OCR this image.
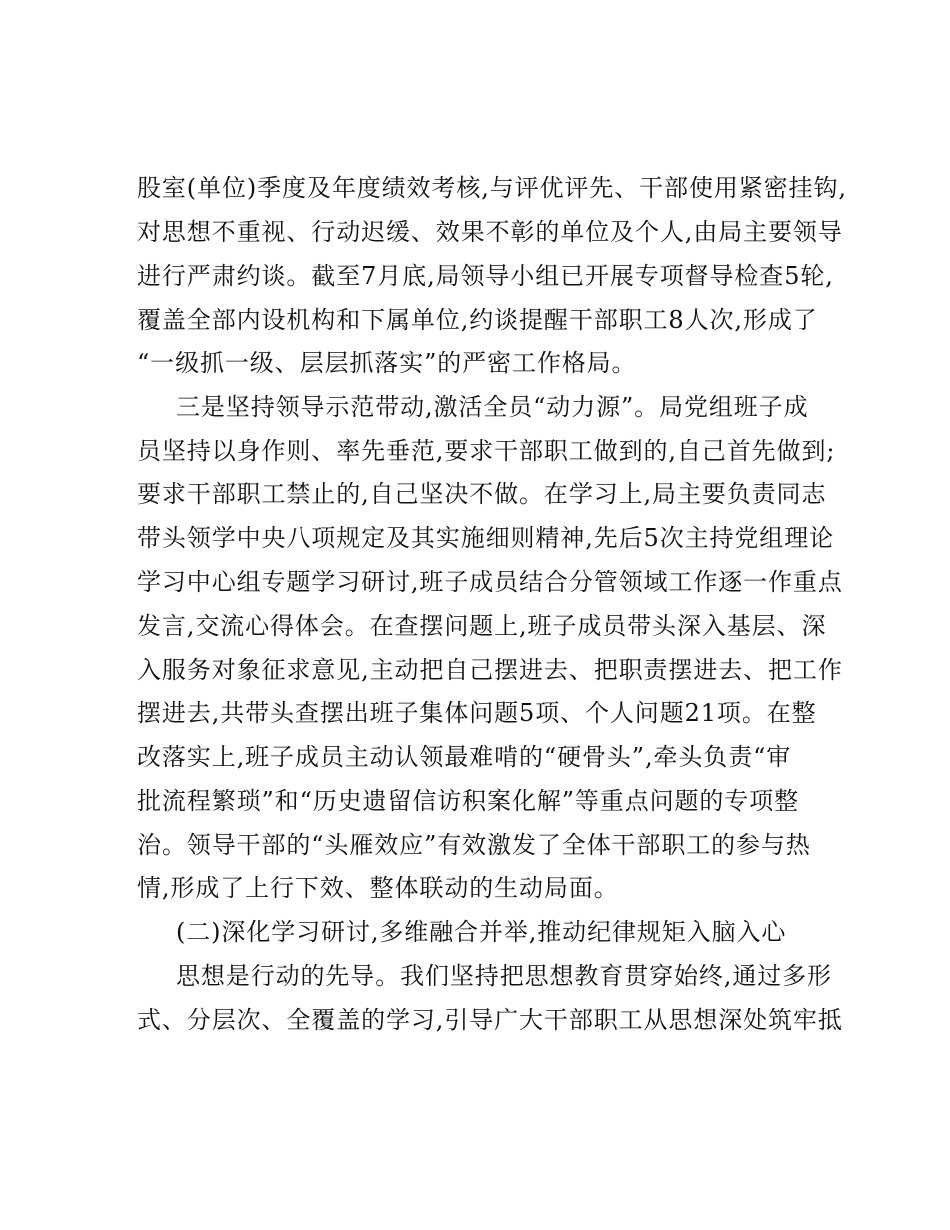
股室(单位)季度及年度绩效考核,与评优评先、干部使用紧密挂钩,
对思想不重视、行动迟缓、效果不彰的单位及个人,由局主要领导
进行严肃约谈。截至7月底,局领导小组已开展专项督导检查5轮,
覆盖全部内设机构和下属单位,约谈提醒干部职工8人次,形成了
“一级抓一级、层层抓落实”的严密工作格局。
三是坚持领导示范带动,激活全员“动力源”。局党组班子成
员坚持以身作则、率先垂范,要求干部职工做到的,自己首先做到;
要求干部职工禁止的,自己坚决不做。在学习上,局主要负责同志
带头领学中央八项规定及其实施细则精神,先后5次主持党组理论
学习中心组专题学习研讨,班子成员结合分管领域工作逐一作重点
发言,交流心得体会。在查摆问题上,班子成员带头深入基层、深
入服务对象征求意见,主动把自己摆进去、把职责摆进去、把工作
摆进去,共带头查摆出班子集体问题5项、个人问题21项。在整
改落实上,班子成员主动认领最难啃的“硬骨头”,牵头负责“审
批流程繁琐”和“历史遗留信访积案化解”等重点问题的专项整
治。领导干部的“头雁效应”有效激发了全体干部职工的参与热
情,形成了上行下效、整体联动的生动局面。
(二)深化学习研讨,多维融合并举,推动纪律规矩入脑入心
思想是行动的先导。我们坚持把思想教育贯穿始终,通过多形
式、分层次、全覆盖的学习,引导广大干部职工从思想深处筑牢抵
